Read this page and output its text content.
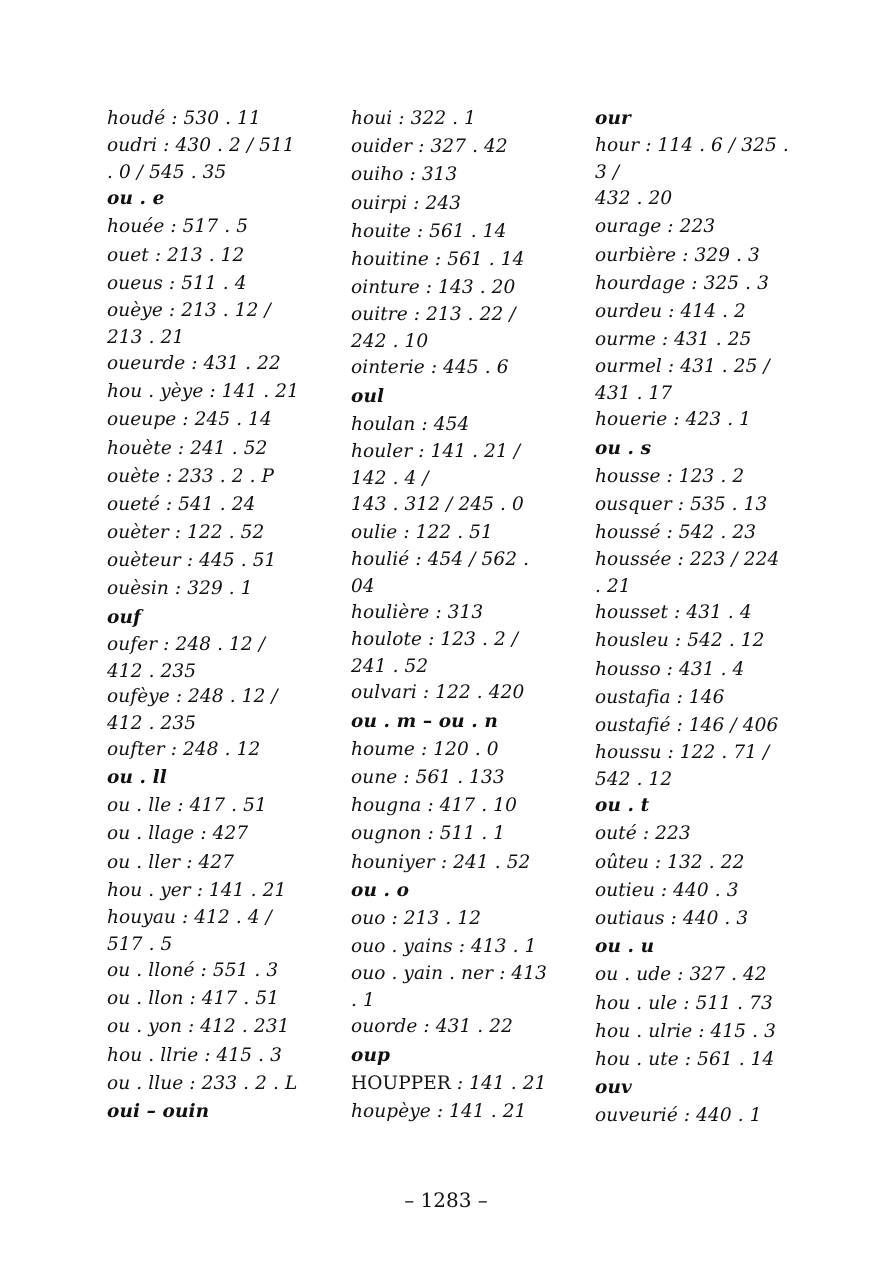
houdé : 530 . 11
oudri : 430 . 2 / 511
. 0 / 545 . 35
ou . e
houée : 517 . 5
ouet : 213 . 12
oueus : 511 . 4
ouèye : 213 . 12 /
213 . 21
oueurde : 431 . 22
hou . yèye : 141 . 21
oueupe : 245 . 14
houète : 241 . 52
ouète : 233 . 2 . P
oueté : 541 . 24
ouèter : 122 . 52
ouèteur : 445 . 51
ouèsin : 329 . 1
ouf
oufer : 248 . 12 /
412 . 235
oufèye : 248 . 12 /
412 . 235
oufter : 248 . 12
ou . ll
ou . lle : 417 . 51
ou . llage : 427
ou . ller : 427
hou . yer : 141 . 21
houyau : 412 . 4 /
517 . 5
ou . lloné : 551 . 3
ou . llon : 417 . 51
ou . yon : 412 . 231
hou . llrie : 415 . 3
ou . llue : 233 . 2 . L
oui – ouin
houi : 322 . 1
ouider : 327 . 42
ouiho : 313
ouirpi : 243
houite : 561 . 14
houitine : 561 . 14
ointure : 143 . 20
ouitre : 213 . 22 /
242 . 10
ointerie : 445 . 6
oul
houlan : 454
houler : 141 . 21 /
142 . 4 /
143 . 312 / 245 . 0
oulie : 122 . 51
houlié : 454 / 562 .
04
houlière : 313
houlote : 123 . 2 /
241 . 52
oulvari : 122 . 420
ou . m – ou . n
houme : 120 . 0
oune : 561 . 133
hougna : 417 . 10
ougnon : 511 . 1
houniyer : 241 . 52
ou . o
ouo : 213 . 12
ouo . yains : 413 . 1
ouo . yain . ner : 413
. 1
ouorde : 431 . 22
oup
HOUPPER : 141 . 21
houpèye : 141 . 21
our
hour : 114 . 6 / 325 .
3 /
432 . 20
ourage : 223
ourbière : 329 . 3
hourdage : 325 . 3
ourdeu : 414 . 2
ourme : 431 . 25
ourmel : 431 . 25 /
431 . 17
houerie : 423 . 1
ou . s
housse : 123 . 2
ousquer : 535 . 13
houssé : 542 . 23
houssée : 223 / 224
. 21
housset : 431 . 4
housleu : 542 . 12
housso : 431 . 4
oustafia : 146
oustafié : 146 / 406
houssu : 122 . 71 /
542 . 12
ou . t
outé : 223
oûteu : 132 . 22
outieu : 440 . 3
outiaus : 440 . 3
ou . u
ou . ude : 327 . 42
hou . ule : 511 . 73
hou . ulrie : 415 . 3
hou . ute : 561 . 14
ouv
ouveurié : 440 . 1
– 1283 –
